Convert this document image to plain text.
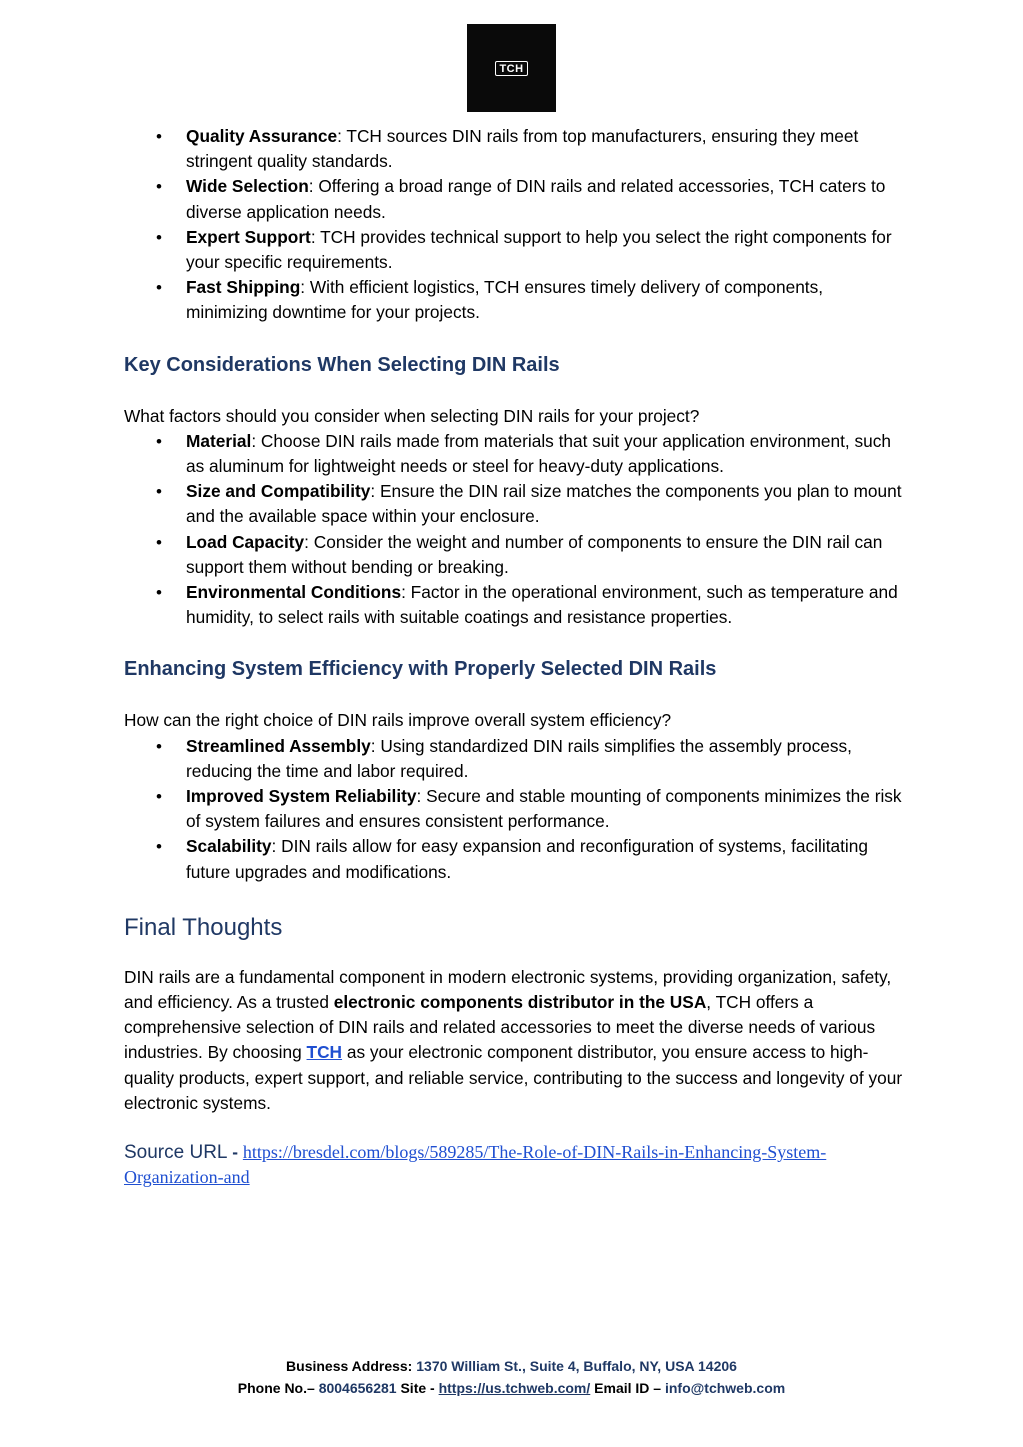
TCH
• Quality Assurance: TCH sources DIN rails from top manufacturers, ensuring they meet stringent quality standards.
• Wide Selection: Offering a broad range of DIN rails and related accessories, TCH caters to diverse application needs.
• Expert Support: TCH provides technical support to help you select the right components for your specific requirements.
• Fast Shipping: With efficient logistics, TCH ensures timely delivery of components, minimizing downtime for your projects.
Key Considerations When Selecting DIN Rails

What factors should you consider when selecting DIN rails for your project?

• Material: Choose DIN rails made from materials that suit your application environment, such as aluminum for lightweight needs or steel for heavy-duty applications.
• Size and Compatibility: Ensure the DIN rail size matches the components you plan to mount and the available space within your enclosure.
• Load Capacity: Consider the weight and number of components to ensure the DIN rail can support them without bending or breaking.
• Environmental Conditions: Factor in the operational environment, such as temperature and humidity, to select rails with suitable coatings and resistance properties.
Enhancing System Efficiency with Properly Selected DIN Rails

How can the right choice of DIN rails improve overall system efficiency?

• Streamlined Assembly: Using standardized DIN rails simplifies the assembly process, reducing the time and labor required.
• Improved System Reliability: Secure and stable mounting of components minimizes the risk of system failures and ensures consistent performance.
• Scalability: DIN rails allow for easy expansion and reconfiguration of systems, facilitating future upgrades and modifications.
Final Thoughts

DIN rails are a fundamental component in modern electronic systems, providing organization, safety, and efficiency. As a trusted electronic components distributor in the USA, TCH offers a comprehensive selection of DIN rails and related accessories to meet the diverse needs of various industries. By choosing TCH as your electronic component distributor, you ensure access to high-quality products, expert support, and reliable service, contributing to the success and longevity of your electronic systems.

Source URL - https://bresdel.com/blogs/589285/The-Role-of-DIN-Rails-in-Enhancing-System-Organization-and
Business Address: 1370 William St., Suite 4, Buffalo, NY, USA 14206
Phone No.– 8004656281 Site - https://us.tchweb.com/ Email ID – info@tchweb.com
